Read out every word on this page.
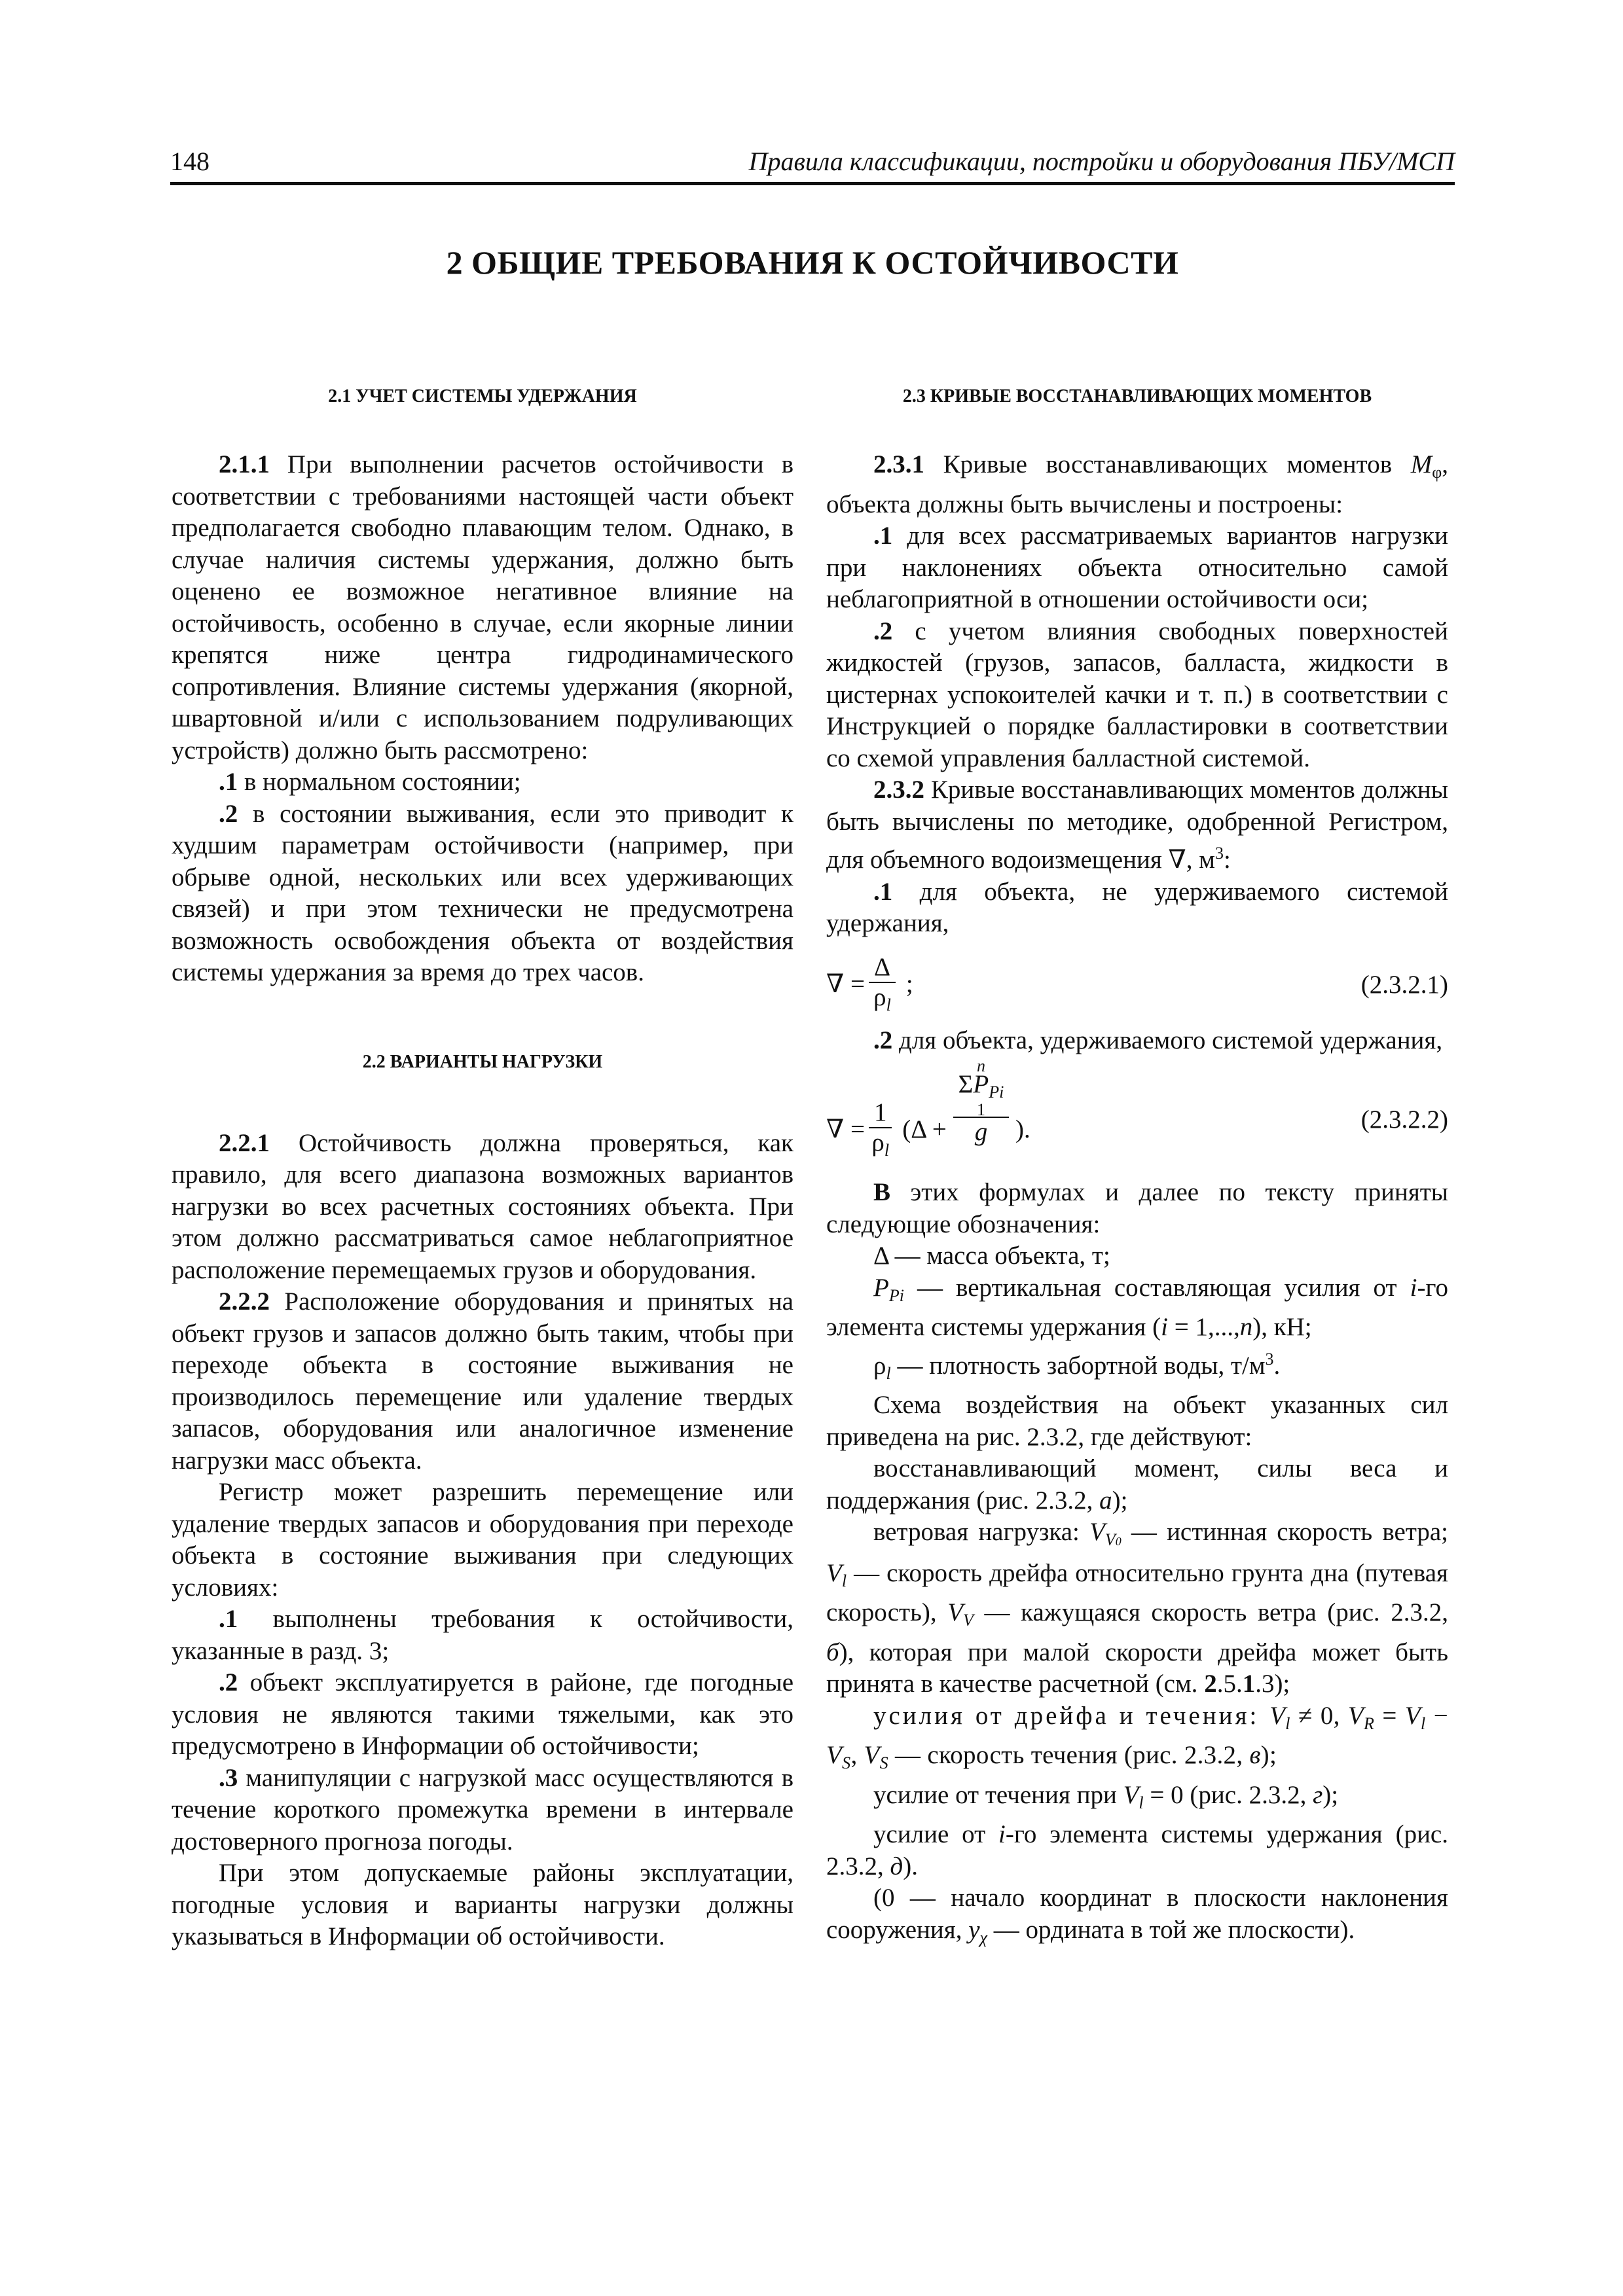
148	Правила классификации, постройки и оборудования ПБУ/МСП
2 ОБЩИЕ ТРЕБОВАНИЯ К ОСТОЙЧИВОСТИ
2.1 УЧЕТ СИСТЕМЫ УДЕРЖАНИЯ

2.1.1 При выполнении расчетов остойчивости в соответствии с требованиями настоящей части объект предполагается свободно плавающим телом. Однако, в случае наличия системы удержания, должно быть оценено ее возможное негативное влияние на остойчивость, особенно в случае, если якорные линии крепятся ниже центра гидродинамического сопротивления. Влияние системы удержания (якорной, швартовной и/или с использованием подруливающих устройств) должно быть рассмотрено:

.1 в нормальном состоянии;

.2 в состоянии выживания, если это приводит к худшим параметрам остойчивости (например, при обрыве одной, нескольких или всех удерживающих связей) и при этом технически не предусмотрена возможность освобождения объекта от воздействия системы удержания за время до трех часов.

2.2 ВАРИАНТЫ НАГРУЗКИ

2.2.1 Остойчивость должна проверяться, как правило, для всего диапазона возможных вариантов нагрузки во всех расчетных состояниях объекта. При этом должно рассматриваться самое неблагоприятное расположение перемещаемых грузов и оборудования.

2.2.2 Расположение оборудования и принятых на объект грузов и запасов должно быть таким, чтобы при переходе объекта в состояние выживания не производилось перемещение или удаление твердых запасов, оборудования или аналогичное изменение нагрузки масс объекта.

Регистр может разрешить перемещение или удаление твердых запасов и оборудования при переходе объекта в состояние выживания при следующих условиях:

.1 выполнены требования к остойчивости, указанные в разд. 3;

.2 объект эксплуатируется в районе, где погодные условия не являются такими тяжелыми, как это предусмотрено в Информации об остойчивости;

.3 манипуляции с нагрузкой масс осуществляются в течение короткого промежутка времени в интервале достоверного прогноза погоды.

При этом допускаемые районы эксплуатации, погодные условия и варианты нагрузки должны указываться в Информации об остойчивости.

2.3 КРИВЫЕ ВОССТАНАВЛИВАЮЩИХ МОМЕНТОВ

2.3.1 Кривые восстанавливающих моментов $M_\varphi$, объекта должны быть вычислены и построены:

.1 для всех рассматриваемых вариантов нагрузки при наклонениях объекта относительно самой неблагоприятной в отношении остойчивости оси;

.2 с учетом влияния свободных поверхностей жидкостей (грузов, запасов, балласта, жидкости в цистернах успокоителей качки и т. п.) в соответствии с Инструкцией о порядке балластировки в соответствии со схемой управления балластной системой.

2.3.2 Кривые восстанавливающих моментов должны быть вычислены по методике, одобренной Регистром, для объемного водоизмещения ∇, $м^3$:

.1 для объекта, не удерживаемого системой удержания,

∇ = $\frac{\Delta}{\rho_l}$ ;	(2.3.2.1)

.2 для объекта, удерживаемого системой удержания,

∇ = $\frac{1}{\rho_l} (\Delta + n$
$\Sigma P_{Pi}$
1
g ).	(2.3.2.2)

В этих формулах и далее по тексту приняты следующие обозначения:

Δ — масса объекта, т;

$P_{Pi}$ — вертикальная составляющая усилия от i-го элемента системы удержания (i = 1,...,n), кН;

$\rho_l$ — плотность забортной воды, $т/м^3$.

Схема воздействия на объект указанных сил приведена на рис. 2.3.2, где действуют:

восстанавливающий момент, силы веса и поддержания (рис. 2.3.2, а);

ветровая нагрузка: $V_{V0}$ — истинная скорость ветра; $V_l$ — скорость дрейфа относительно грунта дна (путевая скорость), $V_V$ — кажущаяся скорость ветра (рис. 2.3.2, б), которая при малой скорости дрейфа может быть принята в качестве расчетной (см. 2.5.1.3);

усилия от дрейфа и течения: $V_l \ne 0$, $V_R = V_l - V_S$, $V_S$ — скорость течения (рис. 2.3.2, в);

усилие от течения при $V_l = 0$ (рис. 2.3.2, г);

усилие от i-го элемента системы удержания (рис. 2.3.2, д).

(0 — начало координат в плоскости наклонения сооружения, $y_\chi$ — ордината в той же плоскости).
